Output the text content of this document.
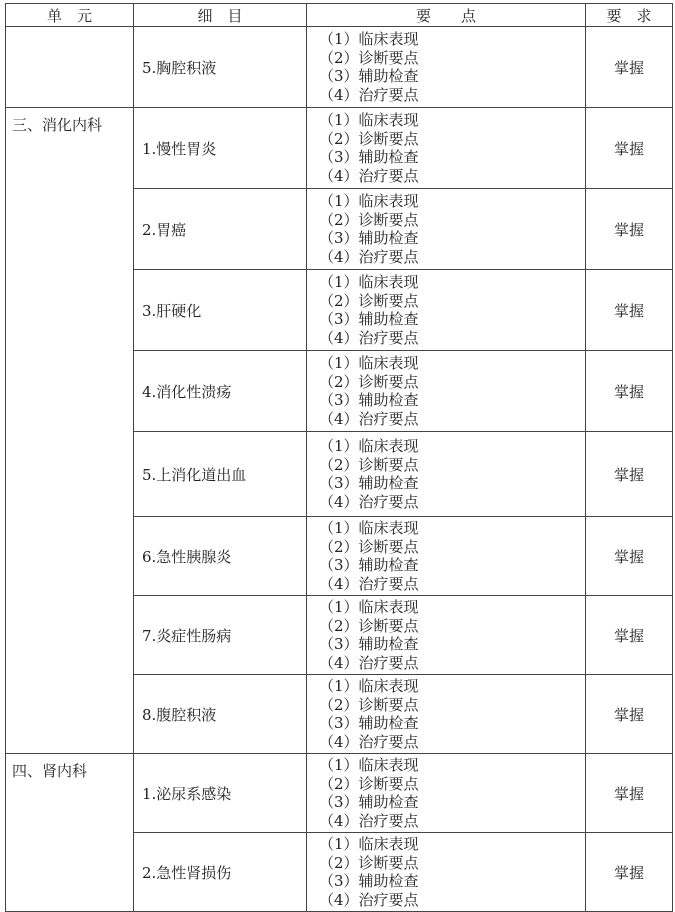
单　元	细　目	要　　点	要　求
	5.胸腔积液	（1）临床表现
（2）诊断要点
（3）辅助检查
（4）治疗要点	掌握
三、消化内科	1.慢性胃炎	（1）临床表现
（2）诊断要点
（3）辅助检查
（4）治疗要点	掌握
	2.胃癌	（1）临床表现
（2）诊断要点
（3）辅助检查
（4）治疗要点	掌握
	3.肝硬化	（1）临床表现
（2）诊断要点
（3）辅助检查
（4）治疗要点	掌握
	4.消化性溃疡	（1）临床表现
（2）诊断要点
（3）辅助检查
（4）治疗要点	掌握
	5.上消化道出血	（1）临床表现
（2）诊断要点
（3）辅助检查
（4）治疗要点	掌握
	6.急性胰腺炎	（1）临床表现
（2）诊断要点
（3）辅助检查
（4）治疗要点	掌握
	7.炎症性肠病	（1）临床表现
（2）诊断要点
（3）辅助检查
（4）治疗要点	掌握
	8.腹腔积液	（1）临床表现
（2）诊断要点
（3）辅助检查
（4）治疗要点	掌握
四、肾内科	1.泌尿系感染	（1）临床表现
（2）诊断要点
（3）辅助检查
（4）治疗要点	掌握
	2.急性肾损伤	（1）临床表现
（2）诊断要点
（3）辅助检查
（4）治疗要点	掌握
